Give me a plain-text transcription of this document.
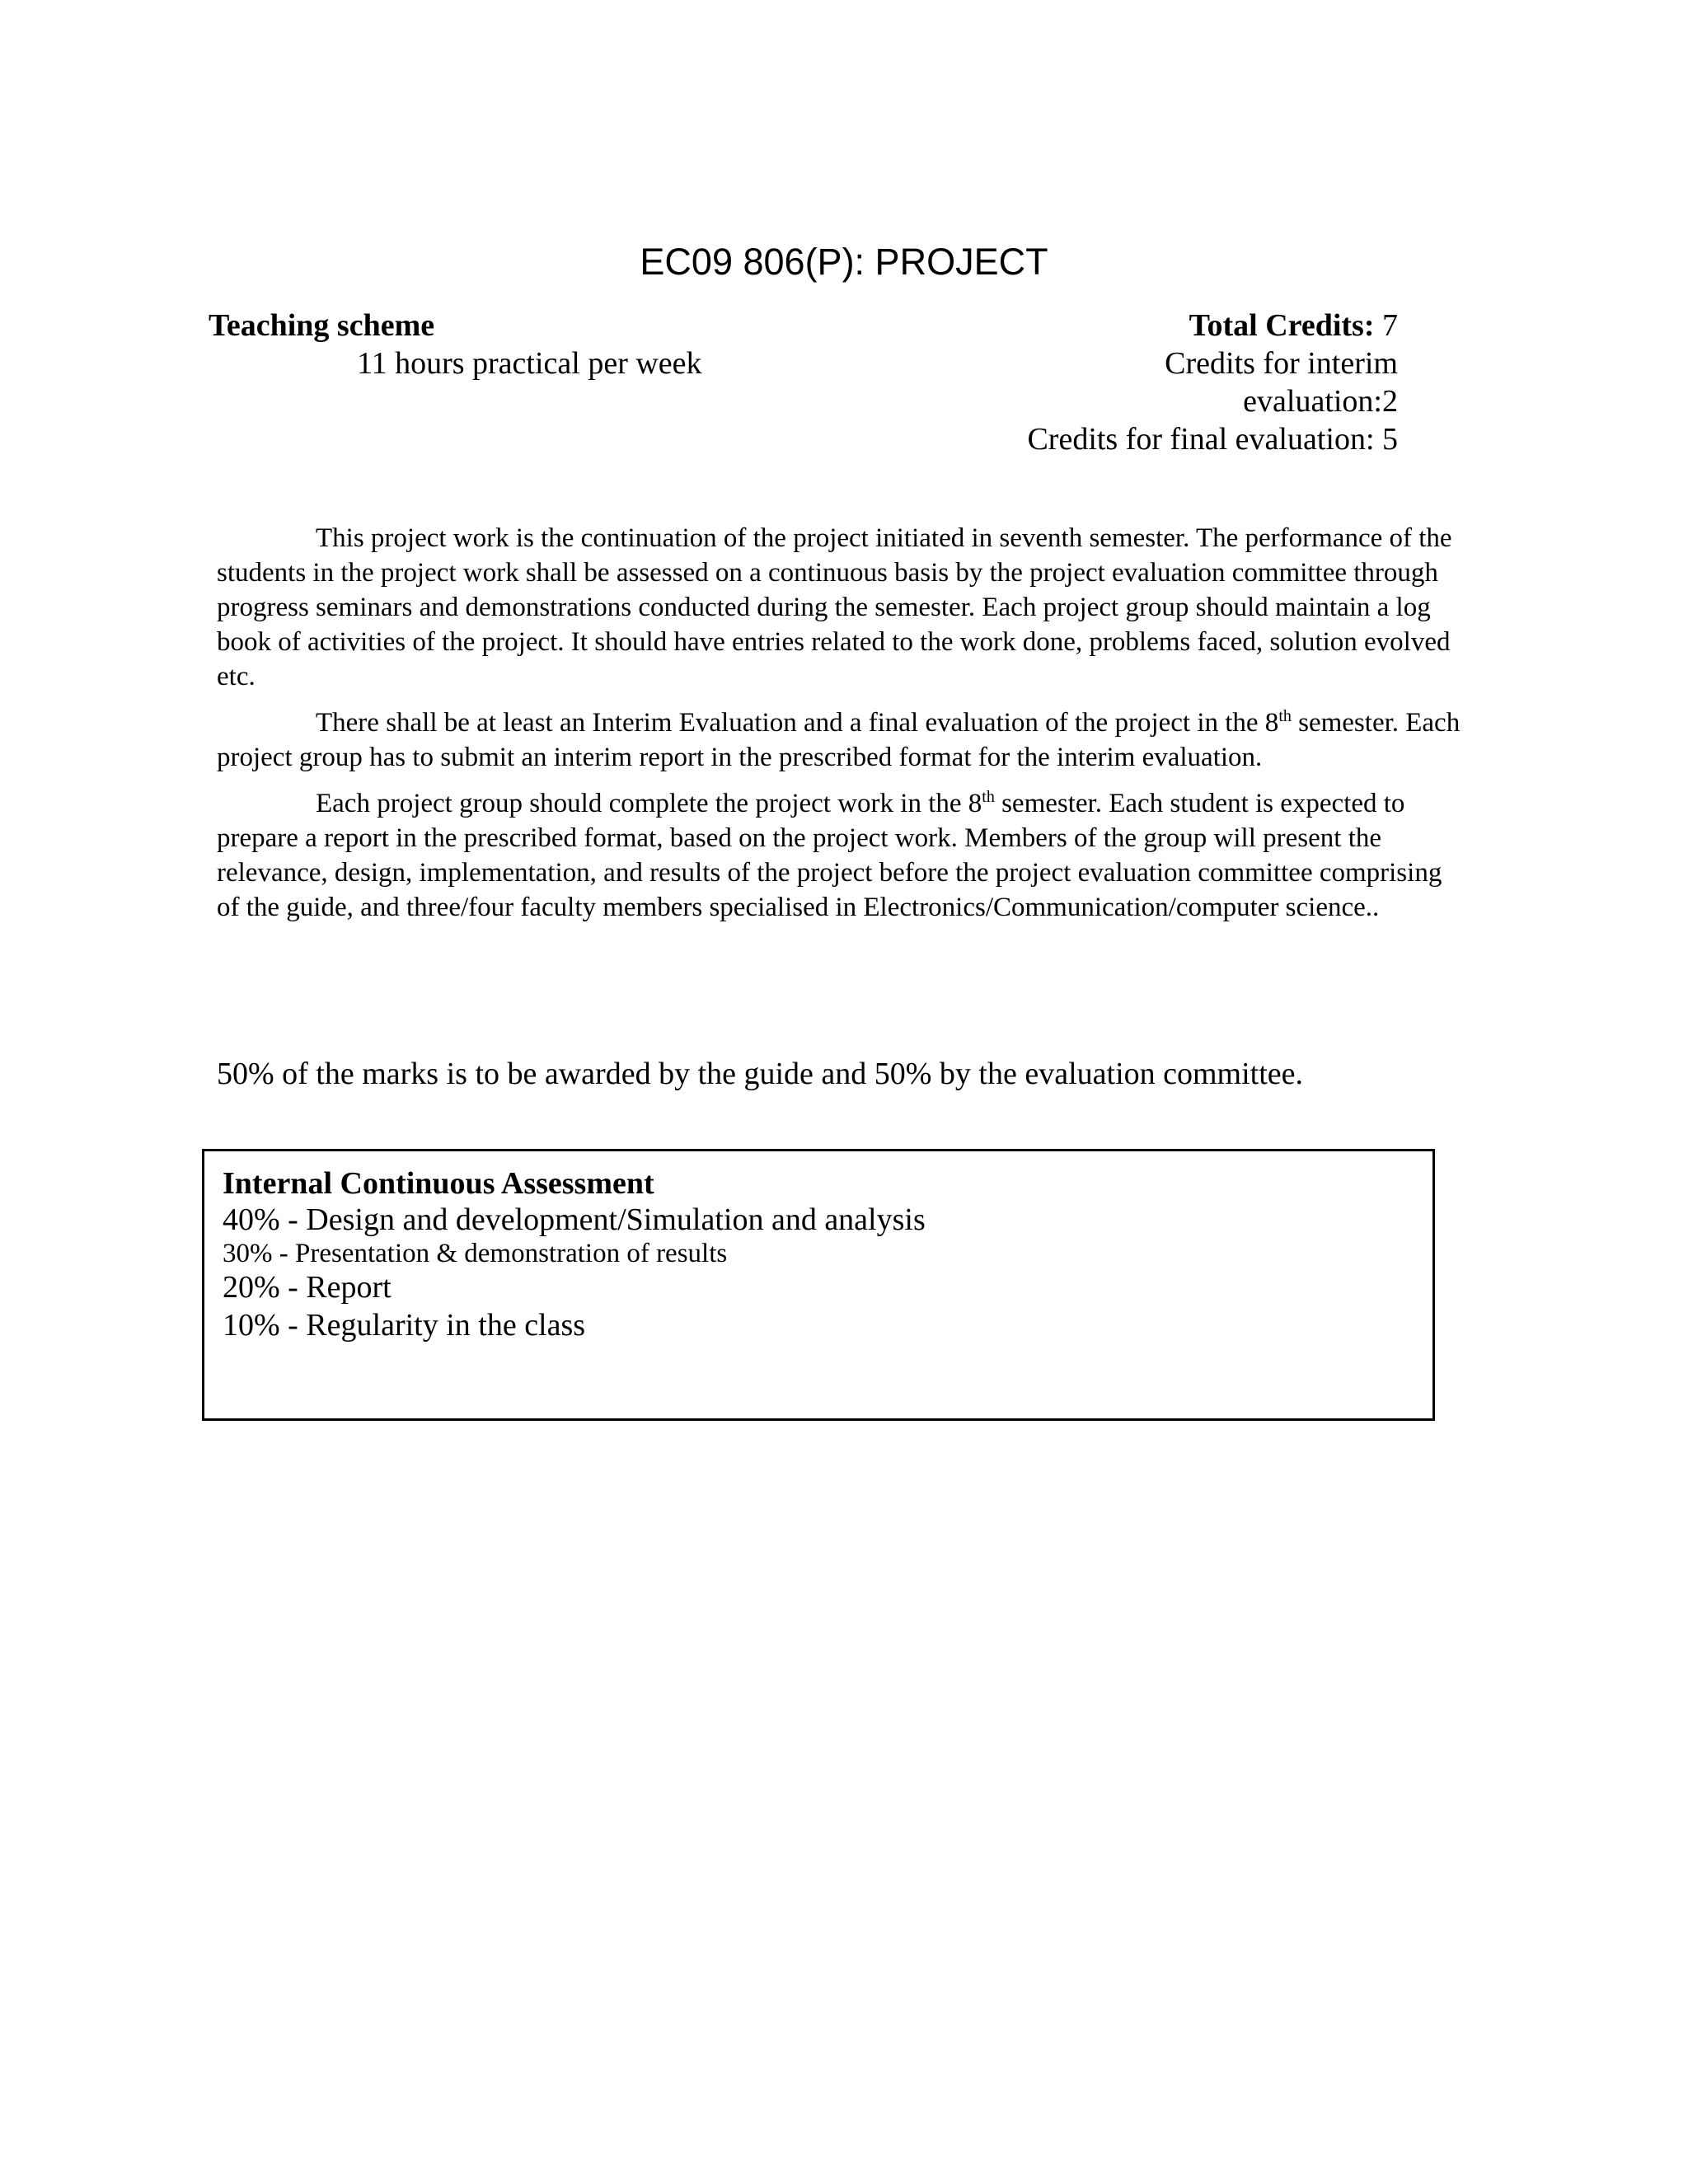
EC09 806(P): PROJECT
Teaching scheme
11 hours practical per week
Total Credits: 7
Credits for interim
evaluation:2
Credits for final evaluation: 5

This project work is the continuation of the project initiated in seventh semester. The performance of the students in the project work shall be assessed on a continuous basis by the project evaluation committee through progress seminars and demonstrations conducted during the semester. Each project group should maintain a log book of activities of the project. It should have entries related to the work done, problems faced, solution evolved etc.

There shall be at least an Interim Evaluation and a final evaluation of the project in the 8th semester. Each project group has to submit an interim report in the prescribed format for the interim evaluation.

Each project group should complete the project work in the 8th semester. Each student is expected to prepare a report in the prescribed format, based on the project work. Members of the group will present the relevance, design, implementation, and results of the project before the project evaluation committee comprising of the guide, and three/four faculty members specialised in Electronics/Communication/computer science..

50% of the marks is to be awarded by the guide and 50% by the evaluation committee.
Internal Continuous Assessment
40% - Design and development/Simulation and analysis
30% - Presentation & demonstration of results
20% - Report
10% - Regularity in the class
